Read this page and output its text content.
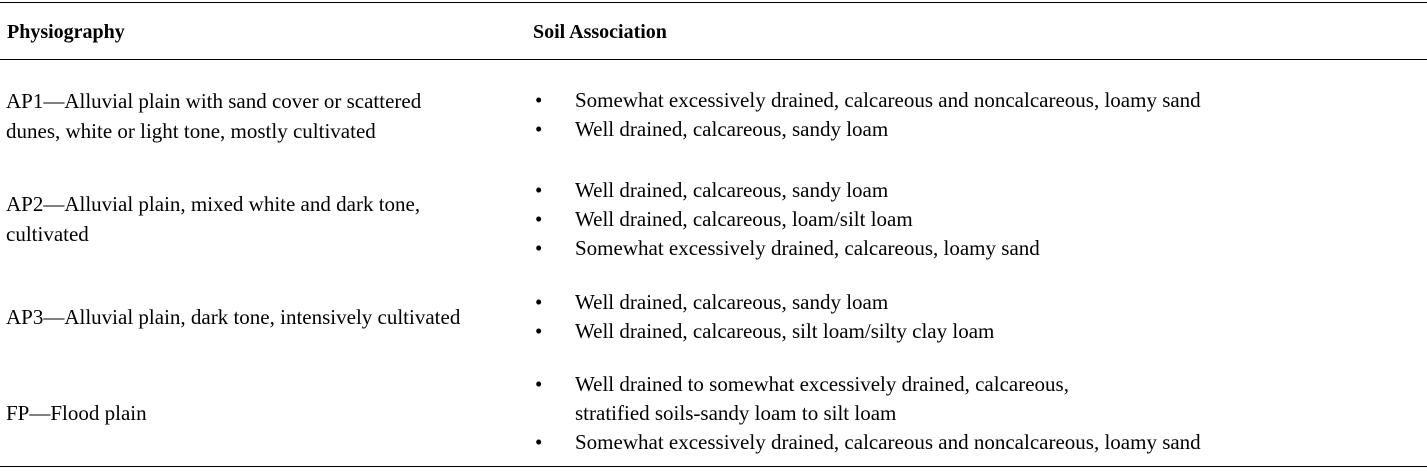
Physiography	Soil Association
AP1—Alluvial plain with sand cover or scattered
dunes, white or light tone, mostly cultivated
• Somewhat excessively drained, calcareous and noncalcareous, loamy sand
• Well drained, calcareous, sandy loam
AP2—Alluvial plain, mixed white and dark tone,
cultivated
• Well drained, calcareous, sandy loam
• Well drained, calcareous, loam/silt loam
• Somewhat excessively drained, calcareous, loamy sand
AP3—Alluvial plain, dark tone, intensively cultivated
• Well drained, calcareous, sandy loam
• Well drained, calcareous, silt loam/silty clay loam
FP—Flood plain
• Well drained to somewhat excessively drained, calcareous,
stratified soils-sandy loam to silt loam
• Somewhat excessively drained, calcareous and noncalcareous, loamy sand
